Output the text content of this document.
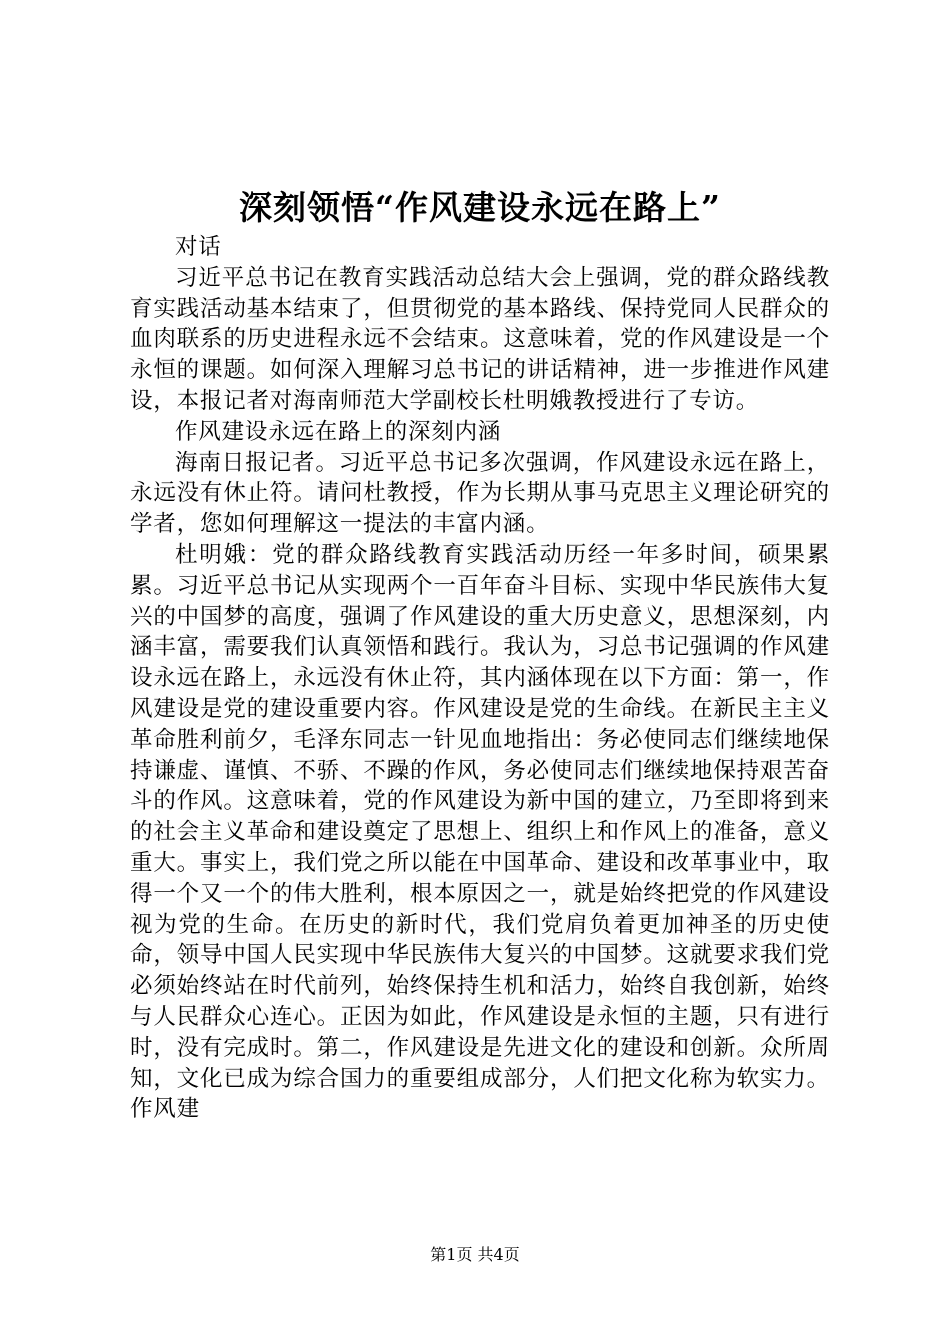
深刻领悟“作风建设永远在路上”

对话

习近平总书记在教育实践活动总结大会上强调，党的群众路线教育实践活动基本结束了，但贯彻党的基本路线、保持党同人民群众的血肉联系的历史进程永远不会结束。这意味着，党的作风建设是一个永恒的课题。如何深入理解习总书记的讲话精神，进一步推进作风建设，本报记者对海南师范大学副校长杜明娥教授进行了专访。

作风建设永远在路上的深刻内涵

海南日报记者。习近平总书记多次强调，作风建设永远在路上，永远没有休止符。请问杜教授，作为长期从事马克思主义理论研究的学者，您如何理解这一提法的丰富内涵。

杜明娥：党的群众路线教育实践活动历经一年多时间，硕果累累。习近平总书记从实现两个一百年奋斗目标、实现中华民族伟大复兴的中国梦的高度，强调了作风建设的重大历史意义，思想深刻，内涵丰富，需要我们认真领悟和践行。我认为，习总书记强调的作风建设永远在路上，永远没有休止符，其内涵体现在以下方面：第一，作风建设是党的建设重要内容。作风建设是党的生命线。在新民主主义革命胜利前夕，毛泽东同志一针见血地指出：务必使同志们继续地保持谦虚、谨慎、不骄、不躁的作风，务必使同志们继续地保持艰苦奋斗的作风。这意味着，党的作风建设为新中国的建立，乃至即将到来的社会主义革命和建设奠定了思想上、组织上和作风上的准备，意义重大。事实上，我们党之所以能在中国革命、建设和改革事业中，取得一个又一个的伟大胜利，根本原因之一，就是始终把党的作风建设视为党的生命。在历史的新时代，我们党肩负着更加神圣的历史使命，领导中国人民实现中华民族伟大复兴的中国梦。这就要求我们党必须始终站在时代前列，始终保持生机和活力，始终自我创新，始终与人民群众心连心。正因为如此，作风建设是永恒的主题，只有进行时，没有完成时。第二，作风建设是先进文化的建设和创新。众所周知，文化已成为综合国力的重要组成部分，人们把文化称为软实力。作风建

第1页 共4页
